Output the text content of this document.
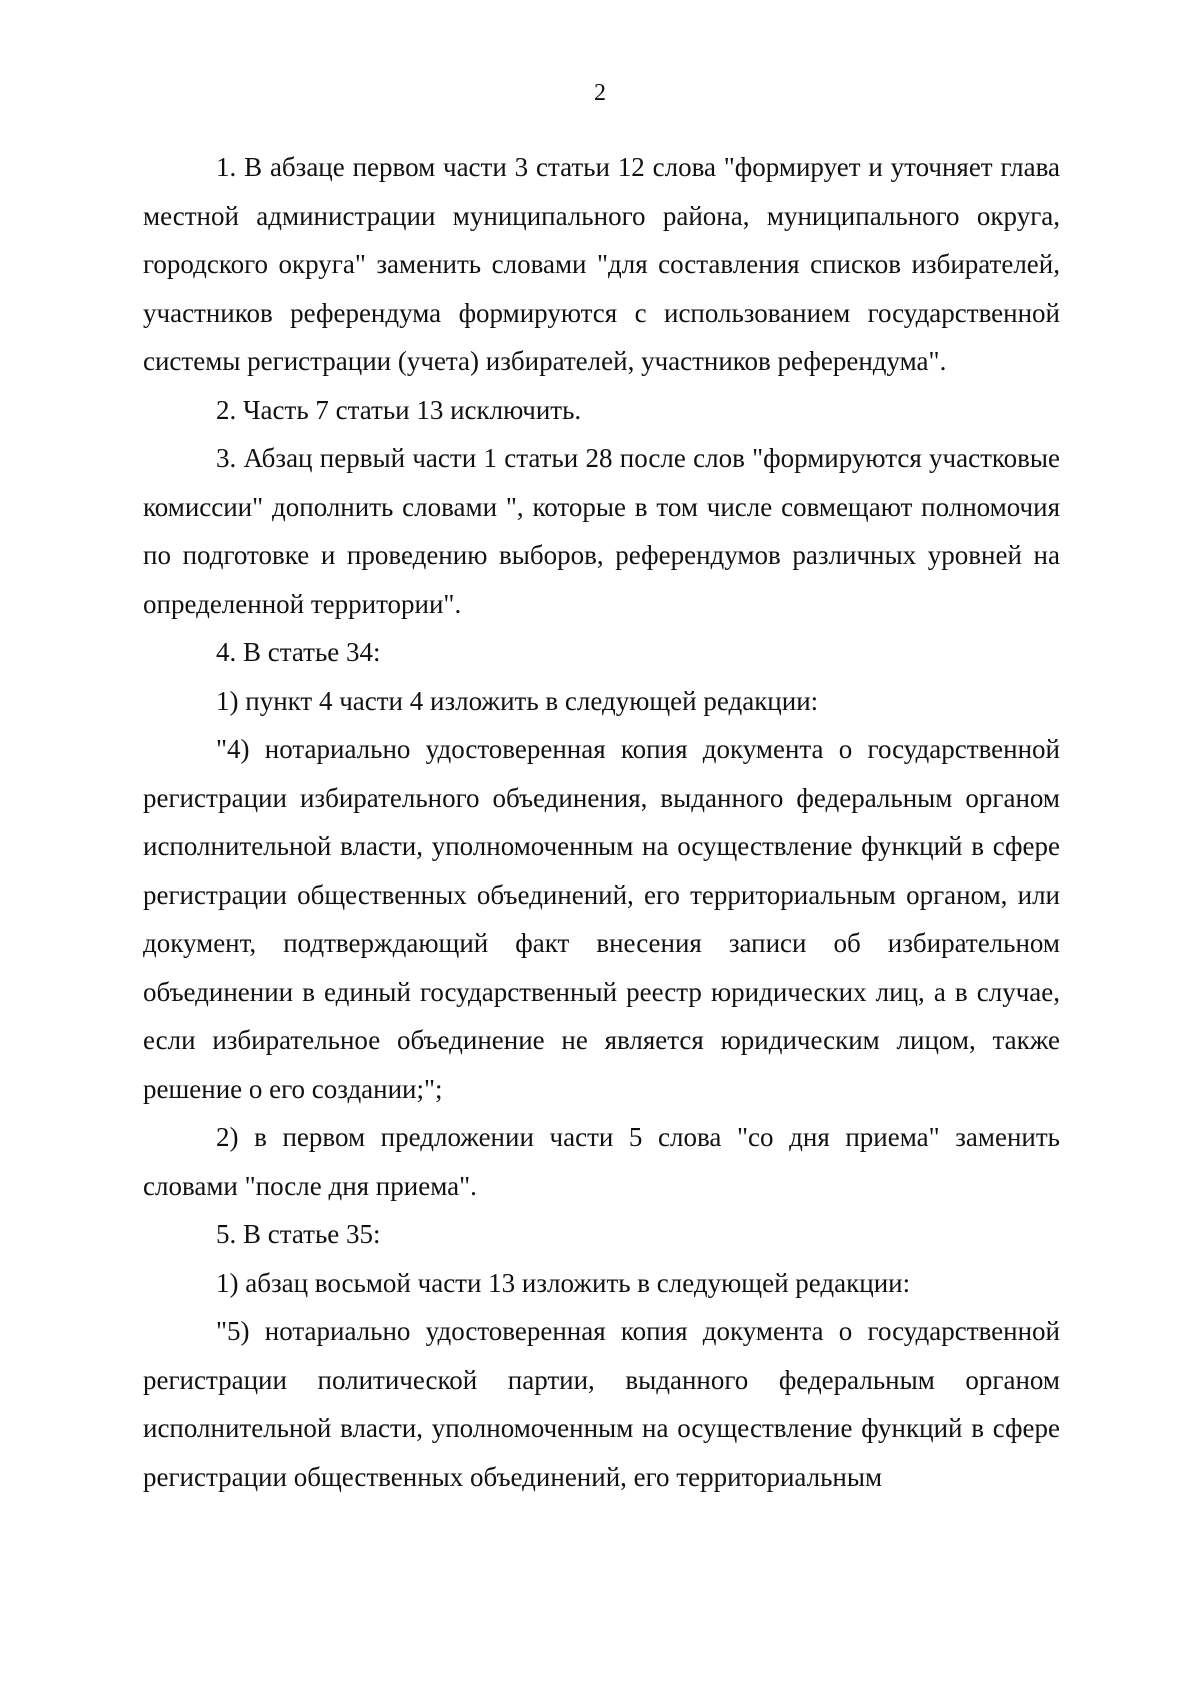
2

1. В абзаце первом части 3 статьи 12 слова "формирует и уточняет глава местной администрации муниципального района, муниципального округа, городского округа" заменить словами "для составления списков избирателей, участников референдума формируются с использованием государственной системы регистрации (учета) избирателей, участников референдума".

2. Часть 7 статьи 13 исключить.

3. Абзац первый части 1 статьи 28 после слов "формируются участковые комиссии" дополнить словами ", которые в том числе совмещают полномочия по подготовке и проведению выборов, референдумов различных уровней на определенной территории".

4. В статье 34:

1) пункт 4 части 4 изложить в следующей редакции:

"4) нотариально удостоверенная копия документа о государственной регистрации избирательного объединения, выданного федеральным органом исполнительной власти, уполномоченным на осуществление функций в сфере регистрации общественных объединений, его территориальным органом, или документ, подтверждающий факт внесения записи об избирательном объединении в единый государственный реестр юридических лиц, а в случае, если избирательное объединение не является юридическим лицом, также решение о его создании;";

2) в первом предложении части 5 слова "со дня приема" заменить словами "после дня приема".

5. В статье 35:

1) абзац восьмой части 13 изложить в следующей редакции:

"5) нотариально удостоверенная копия документа о государственной регистрации политической партии, выданного федеральным органом исполнительной власти, уполномоченным на осуществление функций в сфере регистрации общественных объединений, его территориальным
